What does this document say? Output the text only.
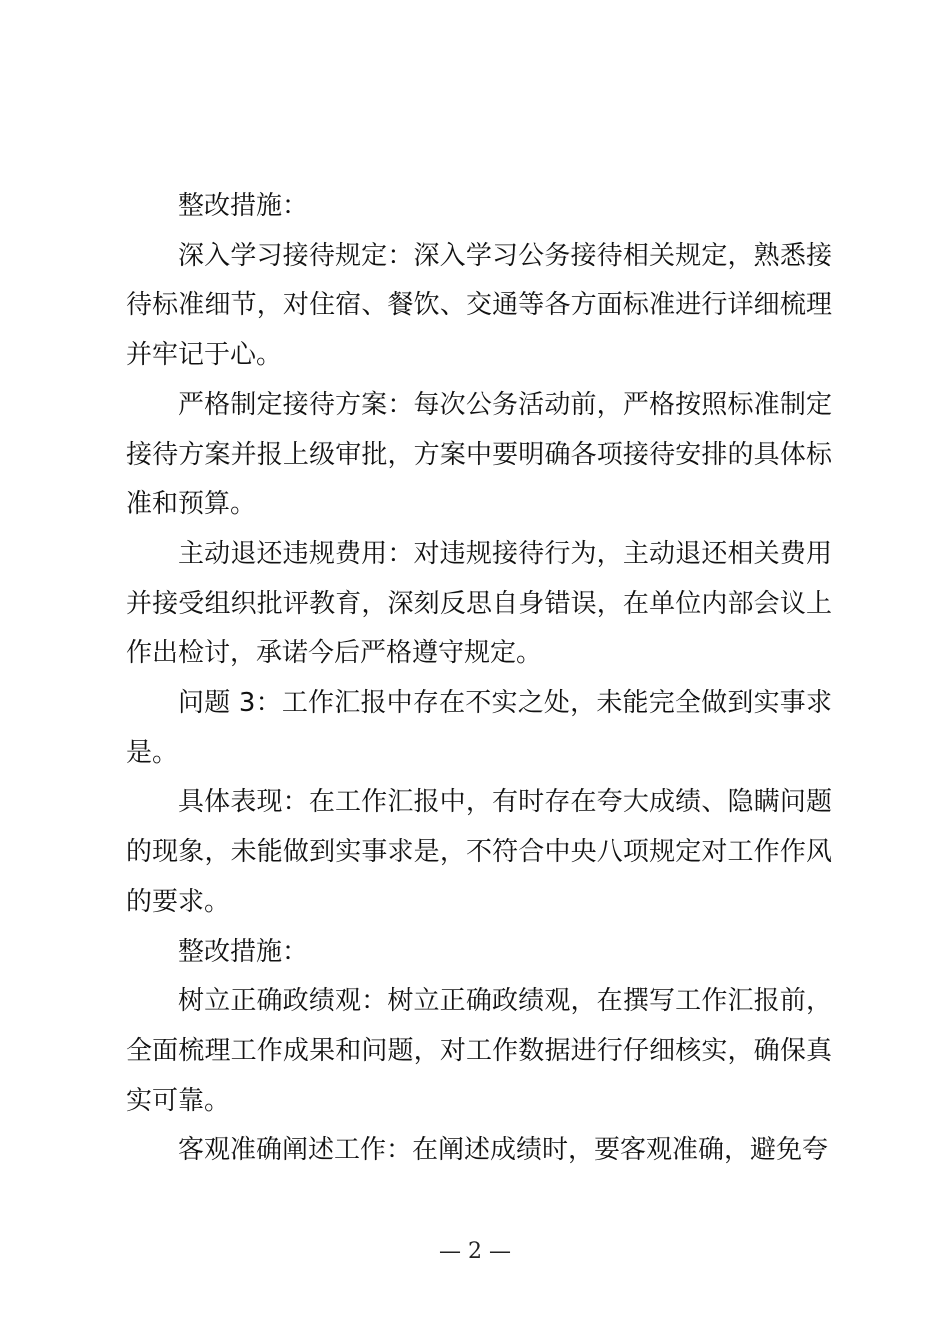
整改措施：

深入学习接待规定：深入学习公务接待相关规定，熟悉接待标准细节，对住宿、餐饮、交通等各方面标准进行详细梳理并牢记于心。

严格制定接待方案：每次公务活动前，严格按照标准制定接待方案并报上级审批，方案中要明确各项接待安排的具体标准和预算。

主动退还违规费用：对违规接待行为，主动退还相关费用并接受组织批评教育，深刻反思自身错误，在单位内部会议上作出检讨，承诺今后严格遵守规定。

问题 3：工作汇报中存在不实之处，未能完全做到实事求是。

具体表现：在工作汇报中，有时存在夸大成绩、隐瞒问题的现象，未能做到实事求是，不符合中央八项规定对工作作风的要求。

整改措施：

树立正确政绩观：树立正确政绩观，在撰写工作汇报前，全面梳理工作成果和问题，对工作数据进行仔细核实，确保真实可靠。

客观准确阐述工作：在阐述成绩时，要客观准确，避免夸

— 2 —
